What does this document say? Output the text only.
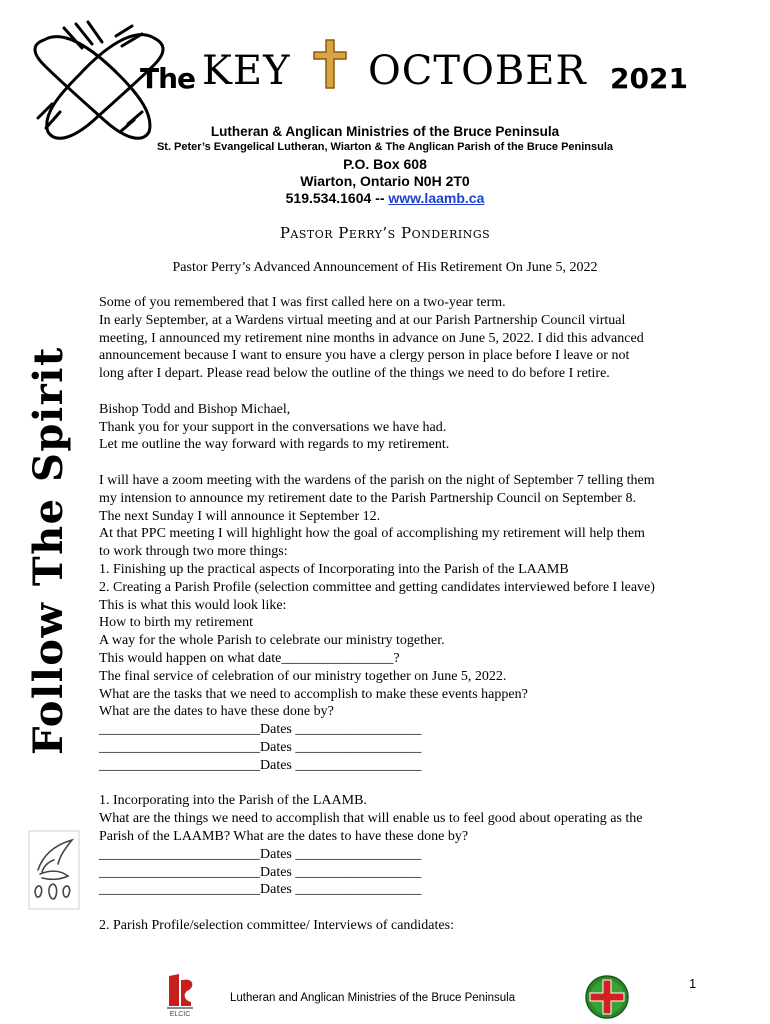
The KEY OCTOBER 2021
Lutheran & Anglican Ministries of the Bruce Peninsula
St. Peter’s Evangelical Lutheran, Wiarton & The Anglican Parish of the Bruce Peninsula
P.O. Box 608
Wiarton, Ontario N0H 2T0
519.534.1604 -- www.laamb.ca
Pastor Perry’s Ponderings
Pastor Perry’s Advanced Announcement of His Retirement On June 5, 2022
Follow The Spirit
Some of you remembered that I was first called here on a two-year term.
In early September, at a Wardens virtual meeting and at our Parish Partnership Council virtual
meeting, I announced my retirement nine months in advance on June 5, 2022. I did this advanced
announcement because I want to ensure you have a clergy person in place before I leave or not
long after I depart. Please read below the outline of the things we need to do before I retire.
Bishop Todd and Bishop Michael,
Thank you for your support in the conversations we have had.
Let me outline the way forward with regards to my retirement.
I will have a zoom meeting with the wardens of the parish on the night of September 7 telling them
my intension to announce my retirement date to the Parish Partnership Council on September 8.
The next Sunday I will announce it September 12.
At that PPC meeting I will highlight how the goal of accomplishing my retirement will help them
to work through two more things:
1. Finishing up the practical aspects of Incorporating into the Parish of the LAAMB
2. Creating a Parish Profile (selection committee and getting candidates interviewed before I leave)
This is what this would look like:
How to birth my retirement
A way for the whole Parish to celebrate our ministry together.
This would happen on what date________________?
The final service of celebration of our ministry together on June 5, 2022.
What are the tasks that we need to accomplish to make these events happen?
What are the dates to have these done by?
_______________________Dates __________________
_______________________Dates __________________
_______________________Dates __________________
1. Incorporating into the Parish of the LAAMB.
What are the things we need to accomplish that will enable us to feel good about operating as the
Parish of the LAAMB? What are the dates to have these done by?
_______________________Dates __________________
_______________________Dates __________________
_______________________Dates __________________
2. Parish Profile/selection committee/ Interviews of candidates:
ELCIC
Lutheran and Anglican Ministries of the Bruce Peninsula
1
